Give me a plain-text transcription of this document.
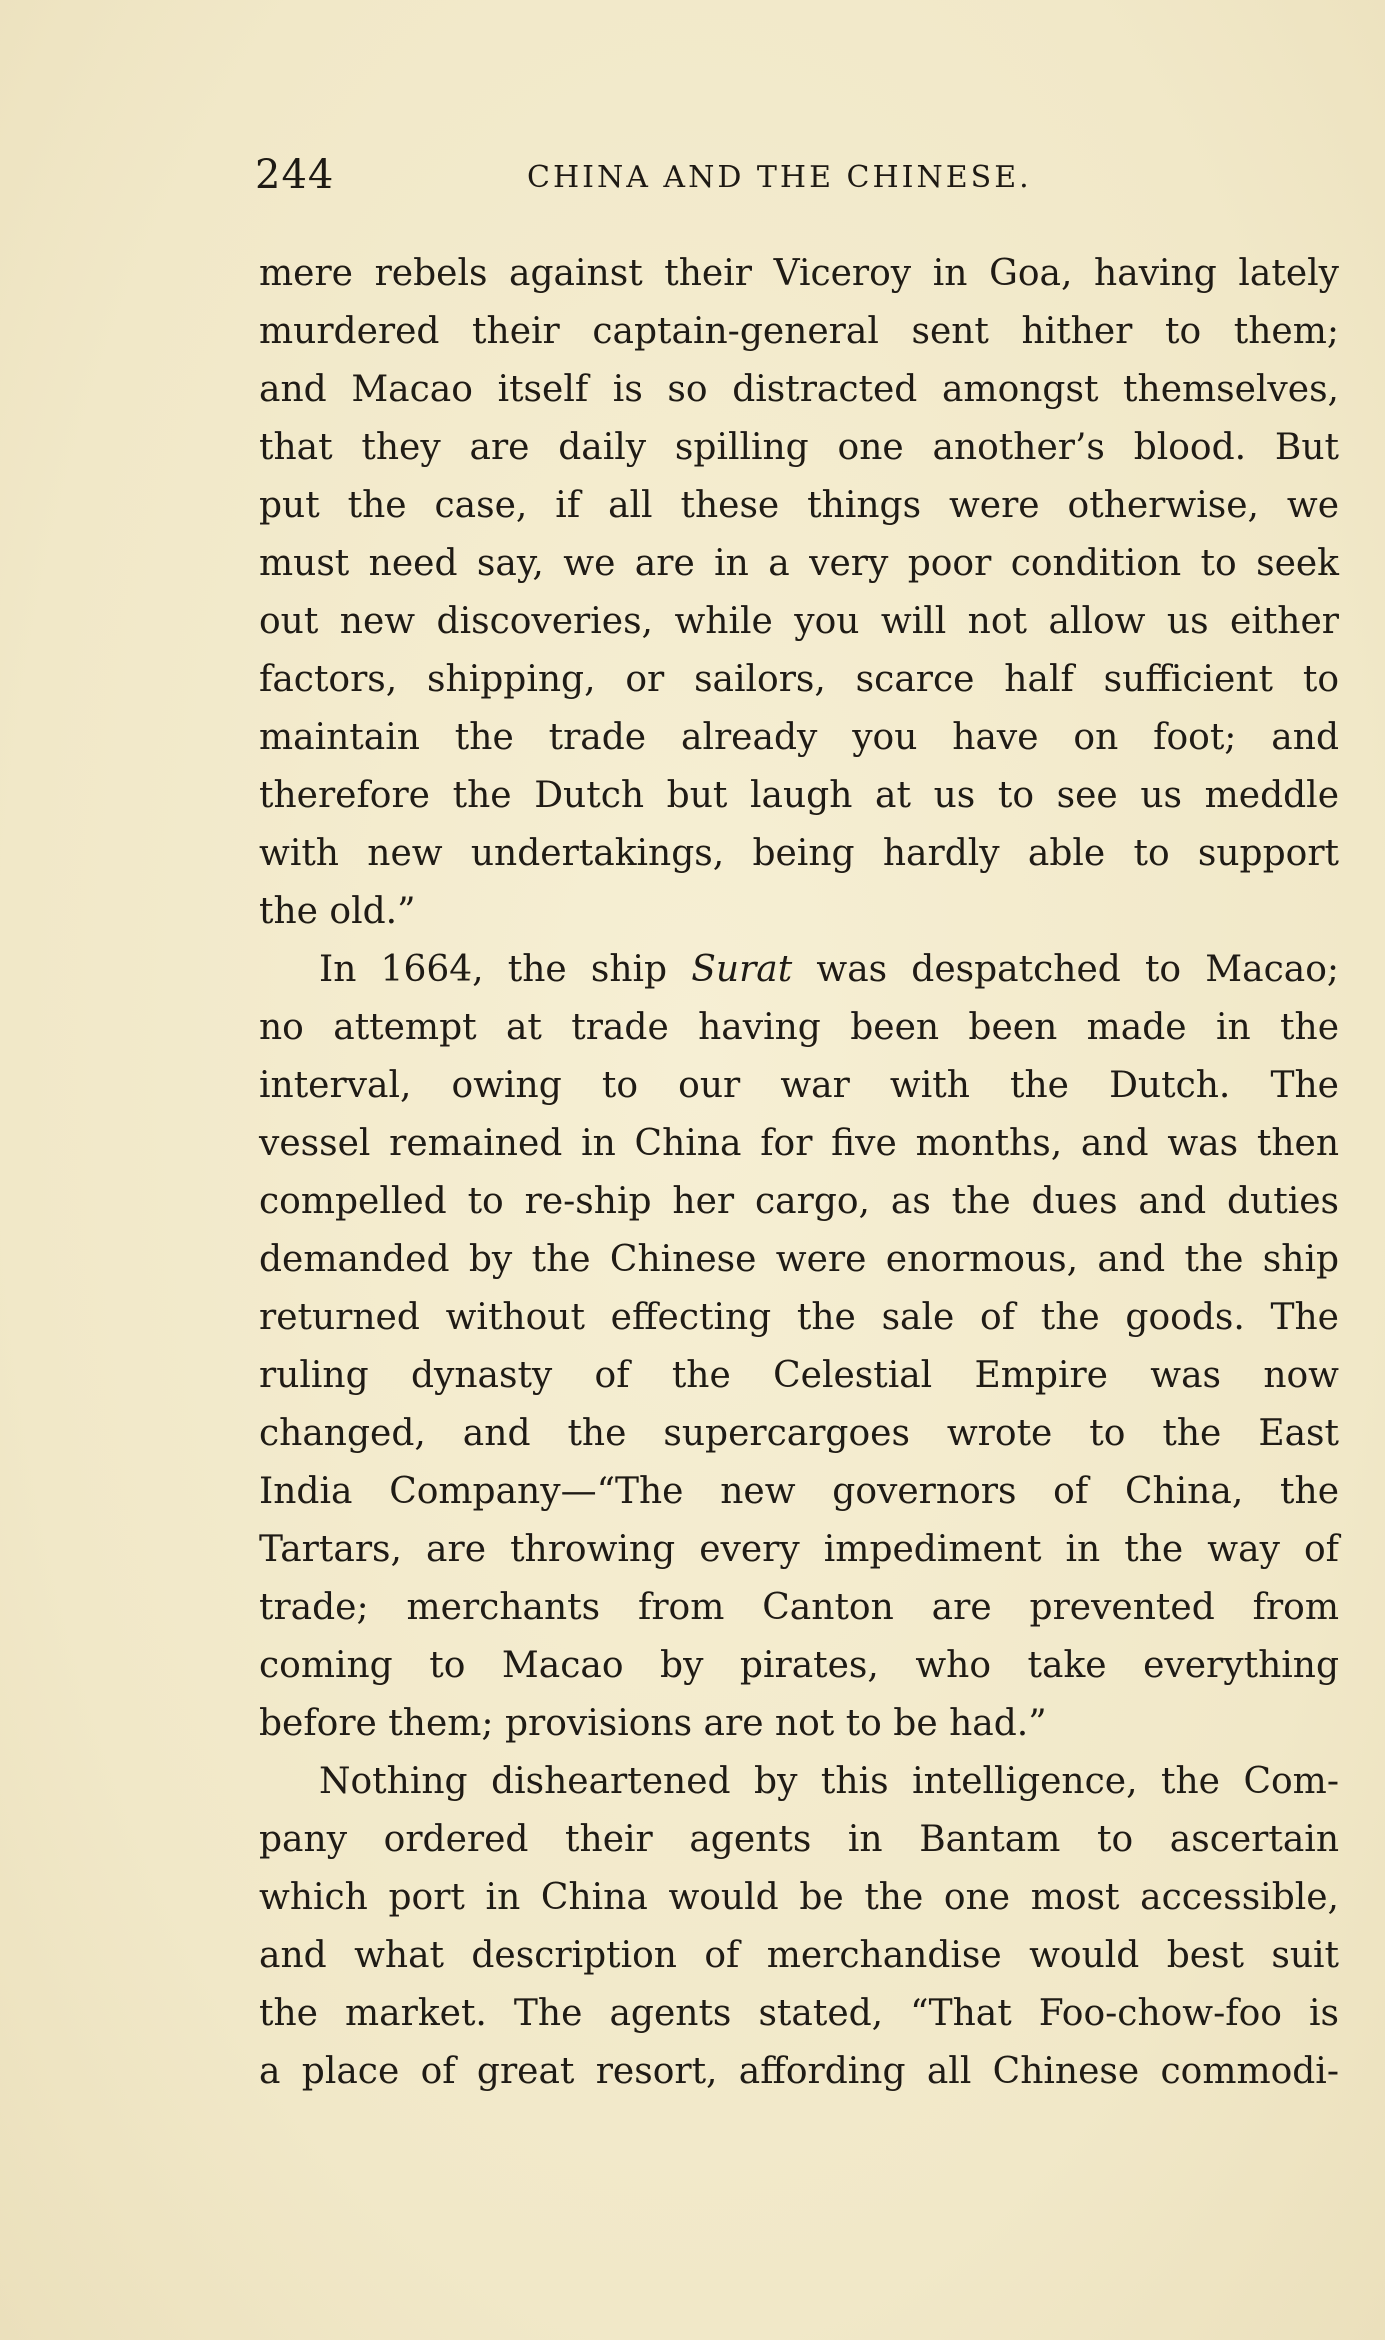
244	CHINA AND THE CHINESE.
mere rebels against their Viceroy in Goa, having lately
murdered their captain-general sent hither to them;
and Macao itself is so distracted amongst themselves,
that they are daily spilling one another’s blood. But
put the case, if all these things were otherwise, we
must need say, we are in a very poor condition to seek
out new discoveries, while you will not allow us either
factors, shipping, or sailors, scarce half sufficient to
maintain the trade already you have on foot; and
therefore the Dutch but laugh at us to see us meddle
with new undertakings, being hardly able to support
the old.”
In 1664, the ship Surat was despatched to Macao;
no attempt at trade having been been made in the
interval, owing to our war with the Dutch. The
vessel remained in China for five months, and was then
compelled to re-ship her cargo, as the dues and duties
demanded by the Chinese were enormous, and the ship
returned without effecting the sale of the goods. The
ruling dynasty of the Celestial Empire was now
changed, and the supercargoes wrote to the East
India Company—“The new governors of China, the
Tartars, are throwing every impediment in the way of
trade; merchants from Canton are prevented from
coming to Macao by pirates, who take everything
before them; provisions are not to be had.”
Nothing disheartened by this intelligence, the Com-
pany ordered their agents in Bantam to ascertain
which port in China would be the one most accessible,
and what description of merchandise would best suit
the market. The agents stated, “That Foo-chow-foo is
a place of great resort, affording all Chinese commodi-
